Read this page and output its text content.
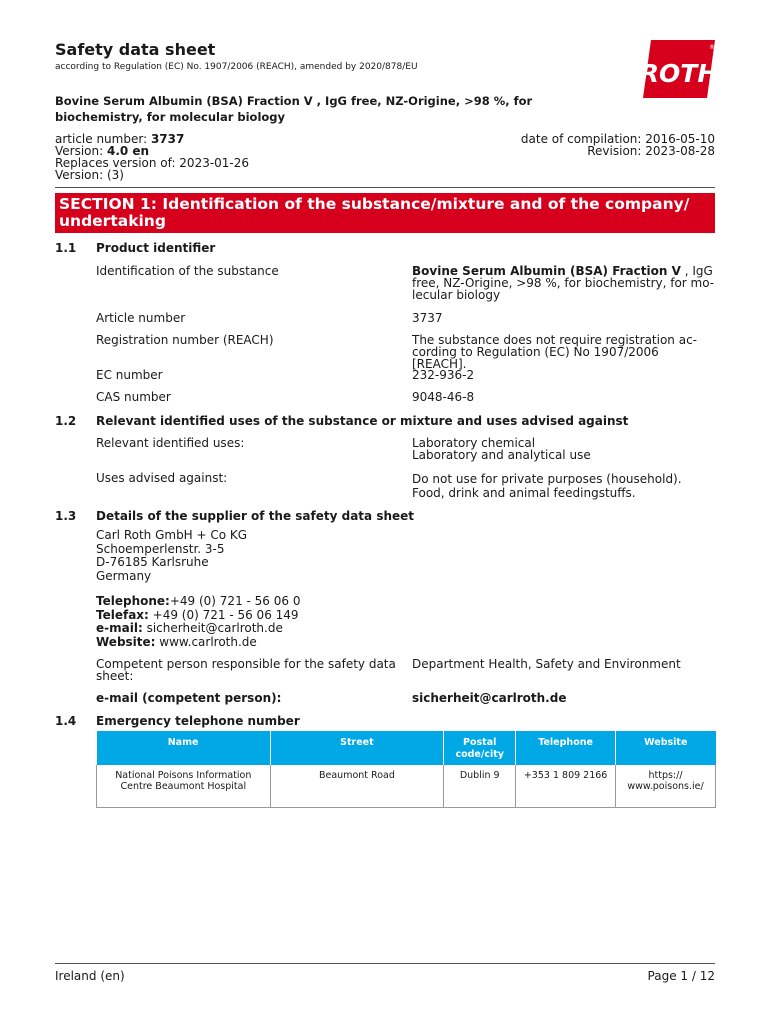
Safety data sheet
according to Regulation (EC) No. 1907/2006 (REACH), amended by 2020/878/EU	ROTH
®
Bovine Serum Albumin (BSA) Fraction V , IgG free, NZ-Origine, >98 %, for biochemistry, for molecular biology
article number: 3737
Version: 4.0 en
Replaces version of: 2023-01-26
Version: (3)
date of compilation: 2016-05-10
Revision: 2023-08-28
SECTION 1: Identification of the substance/mixture and of the company/ undertaking
1.1 Product identifier
Identification of the substance	Bovine Serum Albumin (BSA) Fraction V , IgG free, NZ-Origine, >98 %, for biochemistry, for mo-lecular biology
Article number	3737
Registration number (REACH)	The substance does not require registration ac-cording to Regulation (EC) No 1907/2006 [REACH].
EC number	232-936-2
CAS number	9048-46-8
1.2 Relevant identified uses of the substance or mixture and uses advised against
Relevant identified uses:	Laboratory chemical
Laboratory and analytical use
Uses advised against:	Do not use for private purposes (household).
Food, drink and animal feedingstuffs.
1.3 Details of the supplier of the safety data sheet
Carl Roth GmbH + Co KG
Schoemperlenstr. 3-5
D-76185 Karlsruhe
Germany
Telephone:+49 (0) 721 - 56 06 0
Telefax: +49 (0) 721 - 56 06 149
e-mail: sicherheit@carlroth.de
Website: www.carlroth.de
Competent person responsible for the safety data sheet:
Department Health, Safety and Environment
e-mail (competent person):	sicherheit@carlroth.de
1.4 Emergency telephone number
Name	Street	Postal code/city	Telephone	Website
National Poisons Information Centre Beaumont Hospital	Beaumont Road	Dublin 9	+353 1 809 2166	https:// www.poisons.ie/
Ireland (en)	Page 1 / 12
